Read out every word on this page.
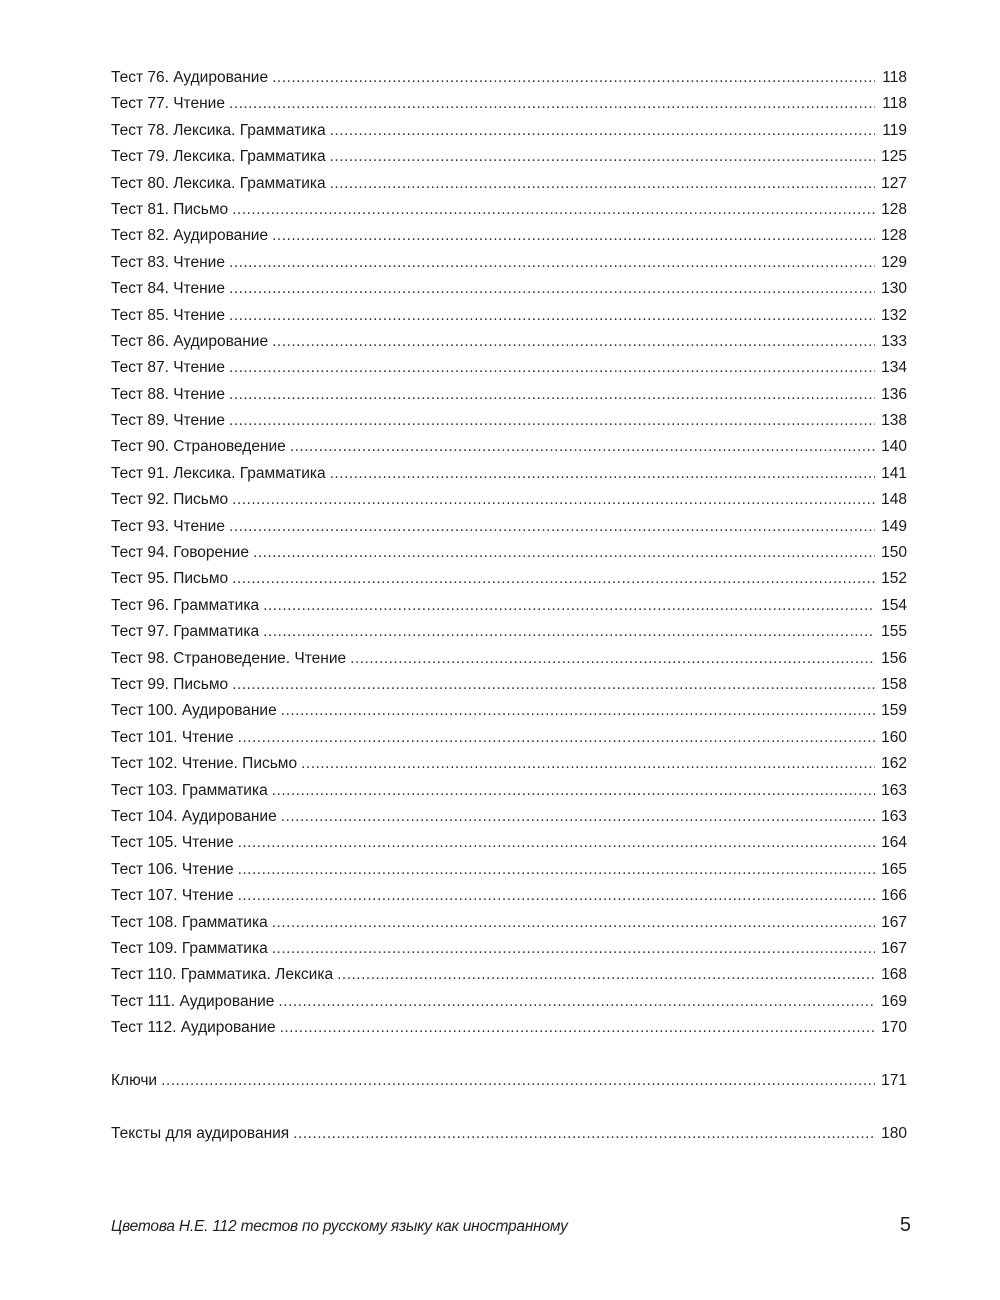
Тест 76. Аудирование .....	118
Тест 77. Чтение .....	118
Тест 78. Лексика. Грамматика .....	119
Тест 79. Лексика. Грамматика .....	125
Тест 80. Лексика. Грамматика .....	127
Тест 81. Письмо .....	128
Тест 82. Аудирование .....	128
Тест 83. Чтение .....	129
Тест 84. Чтение .....	130
Тест 85. Чтение .....	132
Тест 86. Аудирование .....	133
Тест 87. Чтение .....	134
Тест 88. Чтение .....	136
Тест 89. Чтение .....	138
Тест 90. Страноведение .....	140
Тест 91. Лексика. Грамматика .....	141
Тест 92. Письмо .....	148
Тест 93. Чтение .....	149
Тест 94. Говорение .....	150
Тест 95. Письмо .....	152
Тест 96. Грамматика .....	154
Тест 97. Грамматика .....	155
Тест 98. Страноведение. Чтение .....	156
Тест 99. Письмо .....	158
Тест 100. Аудирование .....	159
Тест 101. Чтение .....	160
Тест 102. Чтение. Письмо .....	162
Тест 103. Грамматика .....	163
Тест 104. Аудирование .....	163
Тест 105. Чтение .....	164
Тест 106. Чтение .....	165
Тест 107. Чтение .....	166
Тест 108. Грамматика .....	167
Тест 109. Грамматика .....	167
Тест 110. Грамматика. Лексика .....	168
Тест 111. Аудирование .....	169
Тест 112. Аудирование .....	170
Ключи .....	171
Тексты для аудирования .....	180
Цветова Н.Е. 112 тестов по русскому языку как иностранному	5
